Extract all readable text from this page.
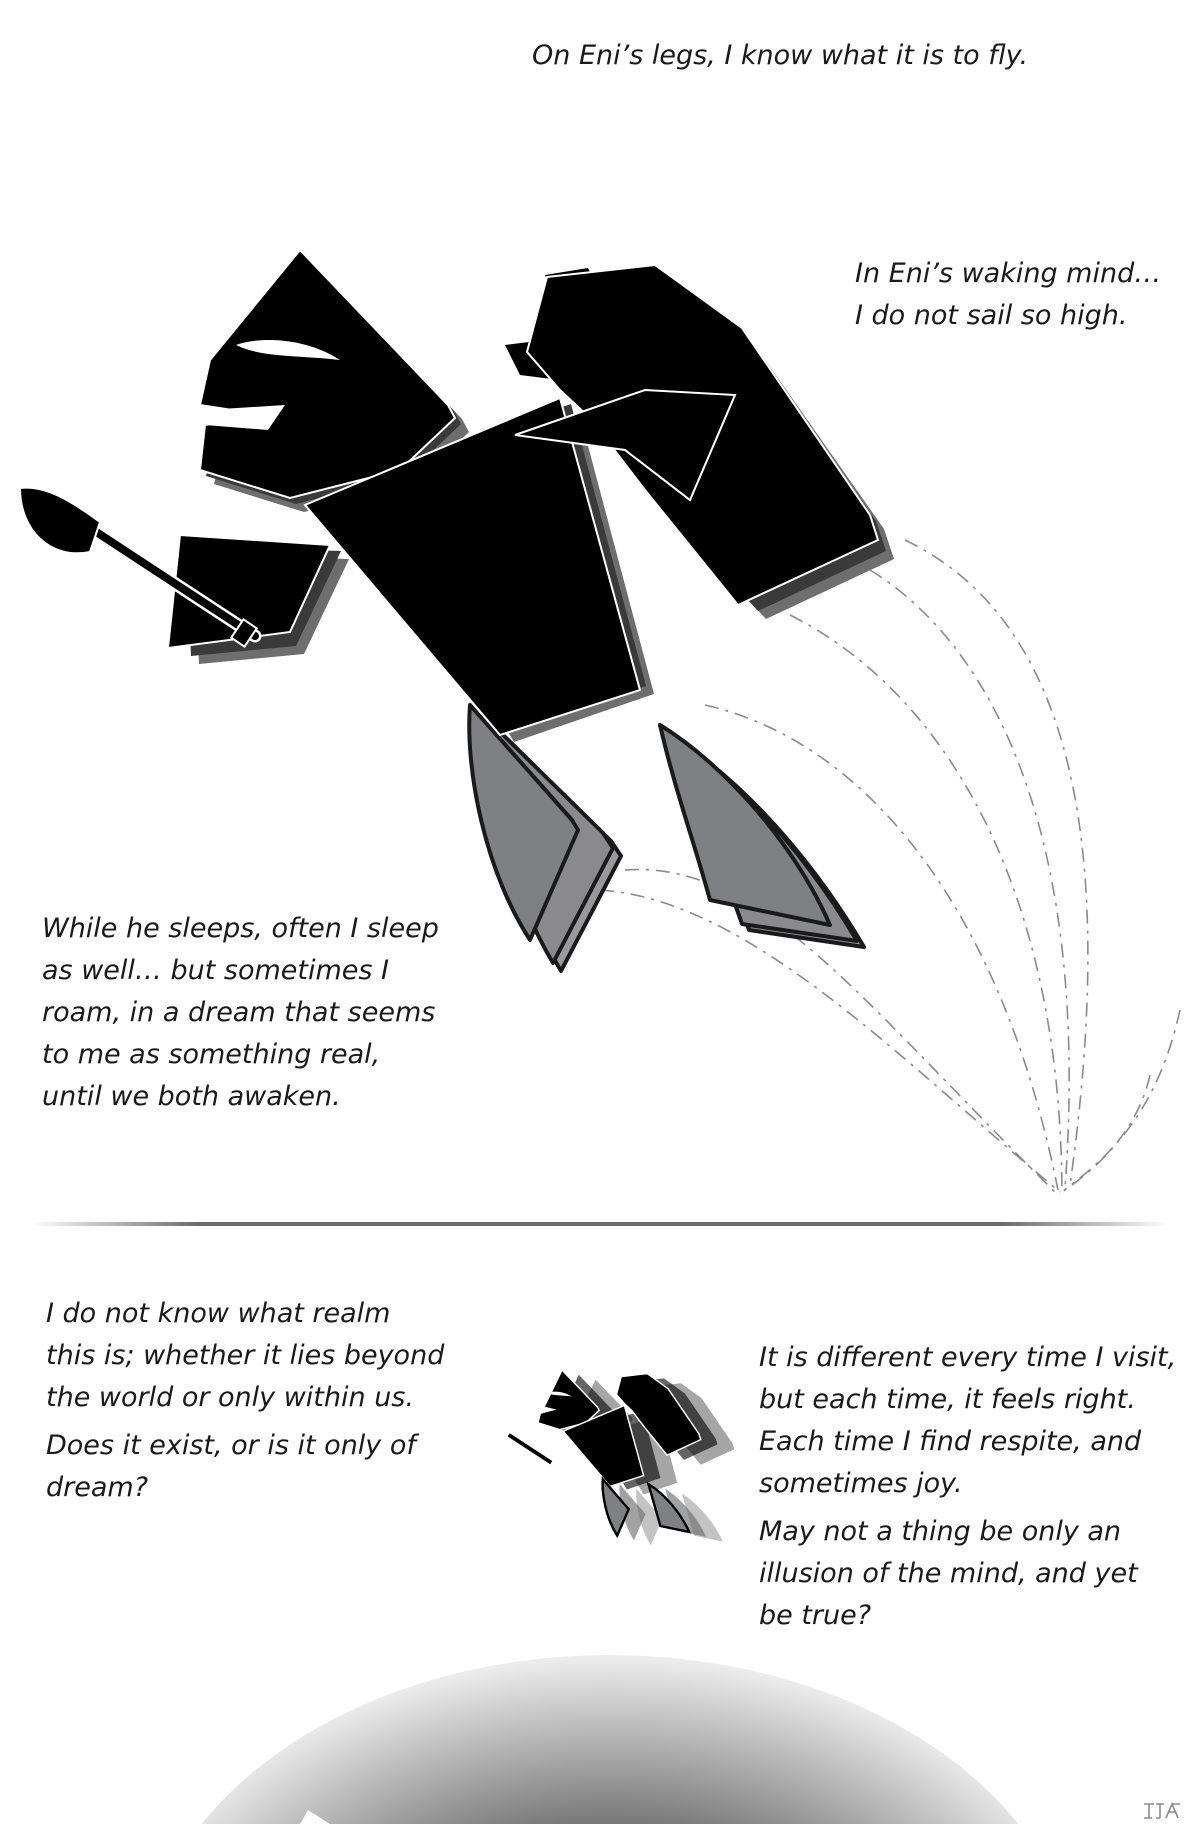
On Eni’s legs, I know what it is to fly.

In Eni’s waking mind…
I do not sail so high.

While he sleeps, often I sleep
as well… but sometimes I
roam, in a dream that seems
to me as something real,
until we both awaken.

I do not know what realm
this is; whether it lies beyond
the world or only within us.
Does it exist, or is it only of
dream?
It is different every time I visit,
but each time, it feels right.
Each time I find respite, and
sometimes joy.
May not a thing be only an
illusion of the mind, and yet
be true?
